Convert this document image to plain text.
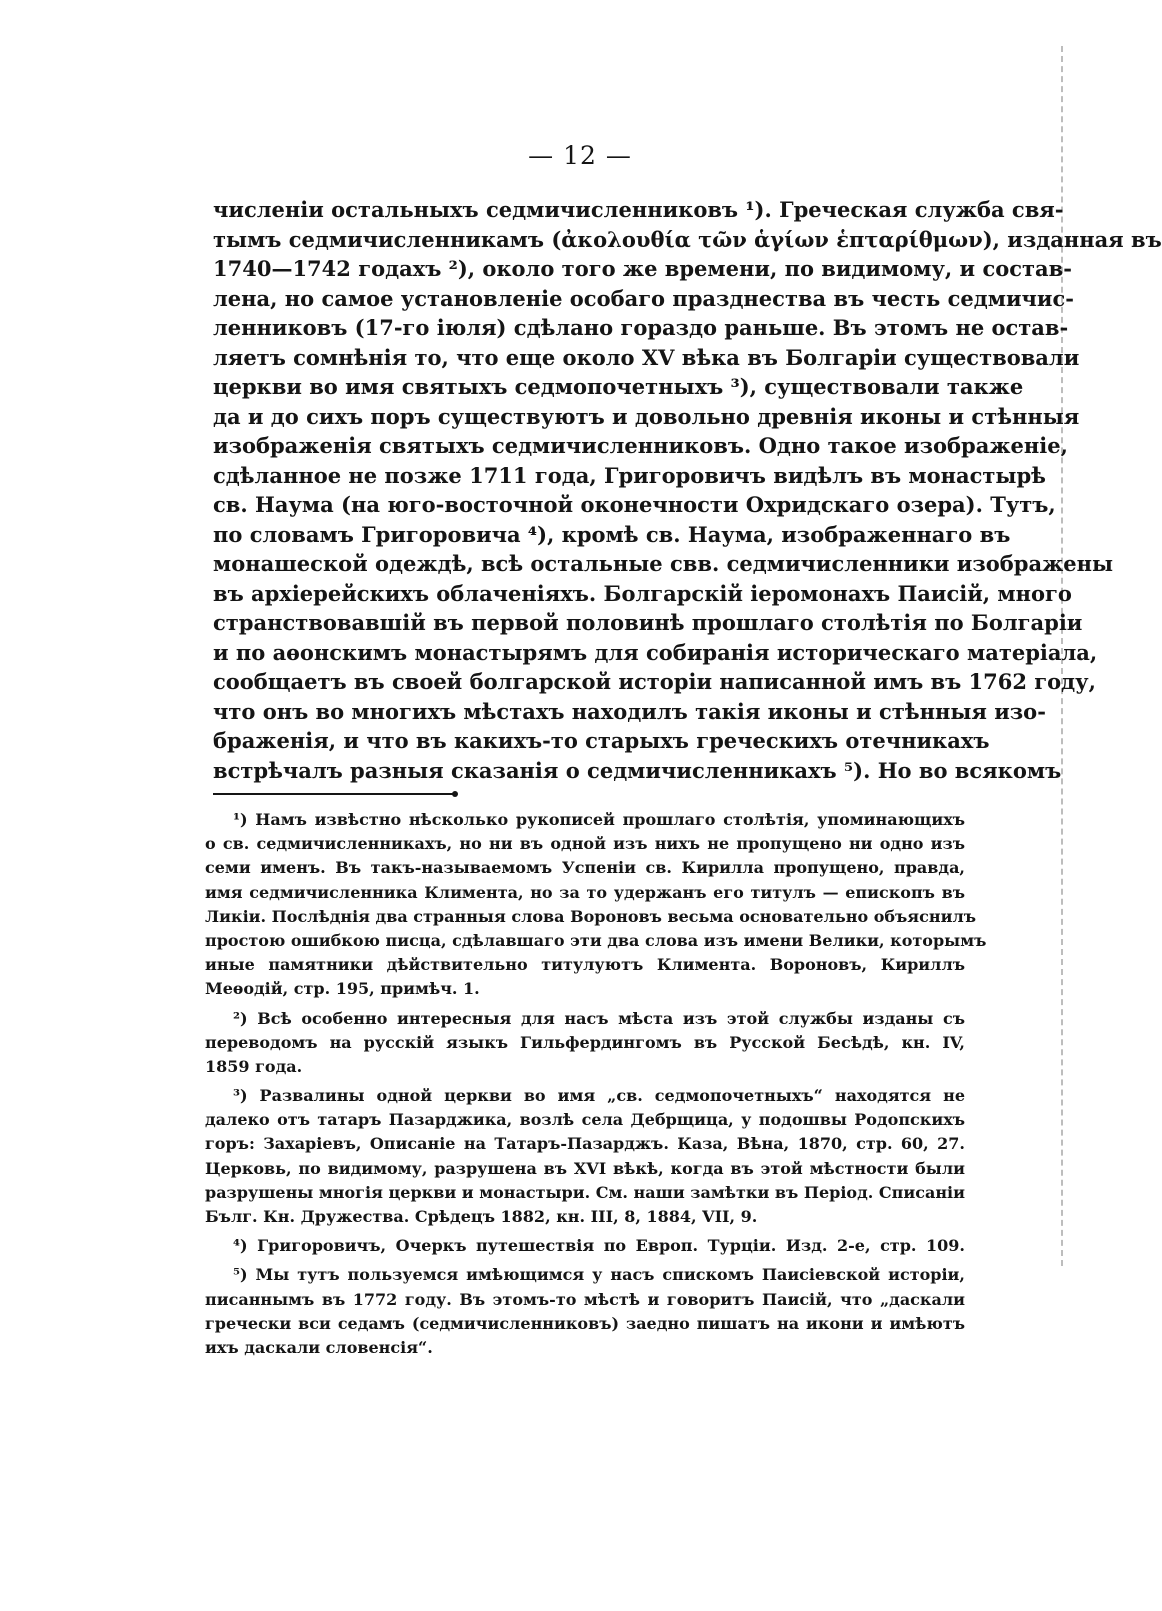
— 12 —
численіи остальныхъ седмичисленниковъ ¹). Греческая служба свя-
тымъ седмичисленникамъ (ἀκολουθία τῶν ἁγίων ἑπταρίθμων), изданная въ
1740—1742 годахъ ²), около того же времени, по видимому, и состав-
лена, но самое установленіе особаго празднества въ честь седмичис-
ленниковъ (17-го іюля) сдѣлано гораздо раньше. Въ этомъ не остав-
ляетъ сомнѣнія то, что еще около XV вѣка въ Болгаріи существовали
церкви во имя святыхъ седмопочетныхъ ³), существовали также
да и до сихъ поръ существуютъ и довольно древнія иконы и стѣнныя
изображенія святыхъ седмичисленниковъ. Одно такое изображеніе,
сдѣланное не позже 1711 года, Григоровичъ видѣлъ въ монастырѣ
св. Наума (на юго-восточной оконечности Охридскаго озера). Тутъ,
по словамъ Григоровича ⁴), кромѣ св. Наума, изображеннаго въ
монашеской одеждѣ, всѣ остальные свв. седмичисленники изображены
въ архіерейскихъ облаченіяхъ. Болгарскій іеромонахъ Паисій, много
странствовавшій въ первой половинѣ прошлаго столѣтія по Болгаріи
и по аѳонскимъ монастырямъ для собиранія историческаго матеріала,
сообщаетъ въ своей болгарской исторіи написанной имъ въ 1762 году,
что онъ во многихъ мѣстахъ находилъ такія иконы и стѣнныя изо-
браженія, и что въ какихъ-то старыхъ греческихъ отечникахъ
встрѣчалъ разныя сказанія о седмичисленникахъ ⁵). Но во всякомъ
¹) Намъ извѣстно нѣсколько рукописей прошлаго столѣтія, упоминающихъ
о св. седмичисленникахъ, но ни въ одной изъ нихъ не пропущено ни одно изъ
семи именъ. Въ такъ-называемомъ Успеніи св. Кирилла пропущено, правда,
имя седмичисленника Климента, но за то удержанъ его титулъ — епископъ въ
Ликіи. Послѣднія два странныя слова Вороновъ весьма основательно объяснилъ
простою ошибкою писца, сдѣлавшаго эти два слова изъ имени Велики, которымъ
иные памятники дѣйствительно титулуютъ Климента. Вороновъ, Кириллъ
Меѳодій, стр. 195, примѣч. 1.
²) Всѣ особенно интересныя для насъ мѣста изъ этой службы изданы съ
переводомъ на русскій языкъ Гильфердингомъ въ Русской Бесѣдѣ, кн. IV,
1859 года.
³) Развалины одной церкви во имя „св. седмопочетныхъ“ находятся не
далеко отъ татаръ Пазарджика, возлѣ села Дебрщица, у подошвы Родопскихъ
горъ: Захаріевъ, Описаніе на Татаръ-Пазарджъ. Каза, Вѣна, 1870, стр. 60, 27.
Церковь, по видимому, разрушена въ XVI вѣкѣ, когда въ этой мѣстности были
разрушены многія церкви и монастыри. См. наши замѣтки въ Період. Списаніи
Бълг. Кн. Дружества. Срѣдецъ 1882, кн. III, 8, 1884, VII, 9.
⁴) Григоровичъ, Очеркъ путешествія по Европ. Турціи. Изд. 2-е, стр. 109.
⁵) Мы тутъ пользуемся имѣющимся у насъ спискомъ Паисіевской исторіи,
писаннымъ въ 1772 году. Въ этомъ-то мѣстѣ и говоритъ Паисій, что „даскали
гречески вси седамъ (седмичисленниковъ) заедно пишатъ на икони и имѣютъ
ихъ даскали словенсія“.
